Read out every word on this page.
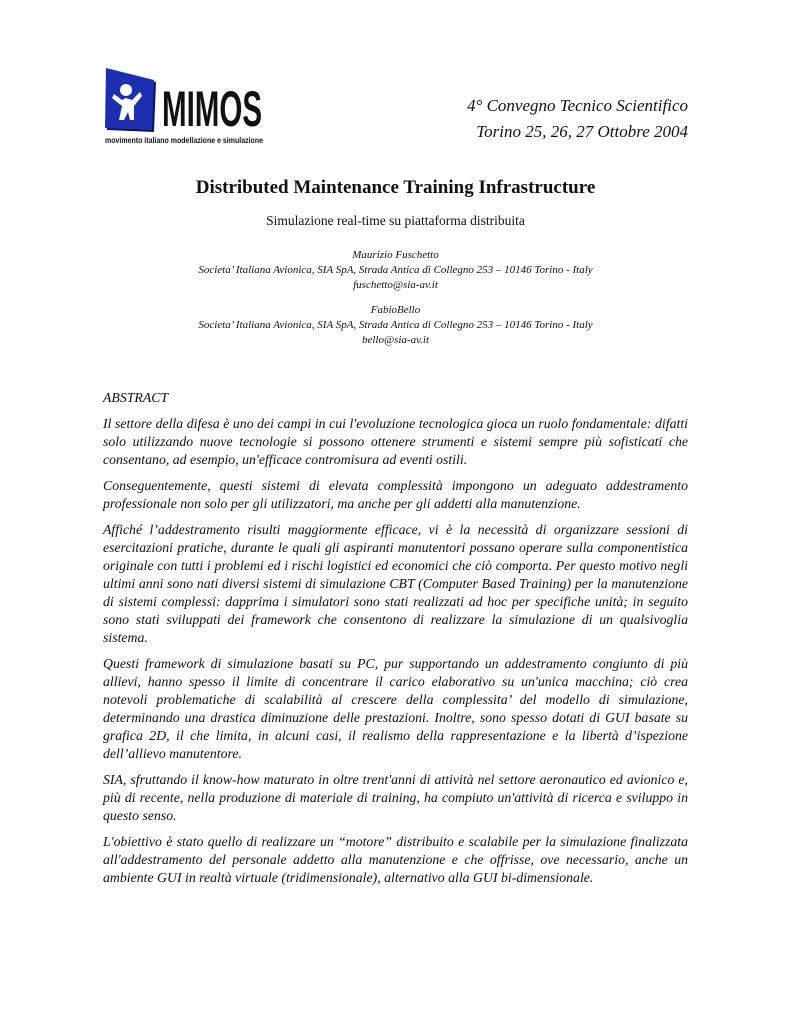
MIMOS
movimento italiano modellazione e simulazione
4° Convegno Tecnico Scientifico
Torino 25, 26, 27 Ottobre 2004
Distributed Maintenance Training Infrastructure
Simulazione real-time su piattaforma distribuita
Maurizio Fuschetto
Societa’ Italiana Avionica, SIA SpA, Strada Antica di Collegno 253 – 10146 Torino - Italy
fuschetto@sia-av.it
FabioBello
Societa’ Italiana Avionica, SIA SpA, Strada Antica di Collegno 253 – 10146 Torino - Italy
bello@sia-av.it
ABSTRACT

Il settore della difesa è uno dei campi in cui l'evoluzione tecnologica gioca un ruolo fondamentale: difatti solo utilizzando nuove tecnologie si possono ottenere strumenti e sistemi sempre più sofisticati che consentano, ad esempio, un'efficace contromisura ad eventi ostili.

Conseguentemente, questi sistemi di elevata complessità impongono un adeguato addestramento professionale non solo per gli utilizzatori, ma anche per gli addetti alla manutenzione.

Affiché l’addestramento risulti maggiormente efficace, vi è la necessità di organizzare sessioni di esercitazioni pratiche, durante le quali gli aspiranti manutentori possano operare sulla componentistica originale con tutti i problemi ed i rischi logistici ed economici che ciò comporta. Per questo motivo negli ultimi anni sono nati diversi sistemi di simulazione CBT (Computer Based Training) per la manutenzione di sistemi complessi: dapprima i simulatori sono stati realizzati ad hoc per specifiche unità; in seguito sono stati sviluppati dei framework che consentono di realizzare la simulazione di un qualsivoglia sistema.

Questi framework di simulazione basati su PC, pur supportando un addestramento congiunto di più allievi, hanno spesso il limite di concentrare il carico elaborativo su un'unica macchina; ciò crea notevoli problematiche di scalabilità al crescere della complessita’ del modello di simulazione, determinando una drastica diminuzione delle prestazioni. Inoltre, sono spesso dotati di GUI basate su grafica 2D, il che limita, in alcuni casi, il realismo della rappresentazione e la libertà d’ispezione dell’allievo manutentore.

SIA, sfruttando il know-how maturato in oltre trent'anni di attività nel settore aeronautico ed avionico e, più di recente, nella produzione di materiale di training, ha compiuto un'attività di ricerca e sviluppo in questo senso.

L'obiettivo è stato quello di realizzare un “motore” distribuito e scalabile per la simulazione finalizzata all'addestramento del personale addetto alla manutenzione e che offrisse, ove necessario, anche un ambiente GUI in realtà virtuale (tridimensionale), alternativo alla GUI bi-dimensionale.
